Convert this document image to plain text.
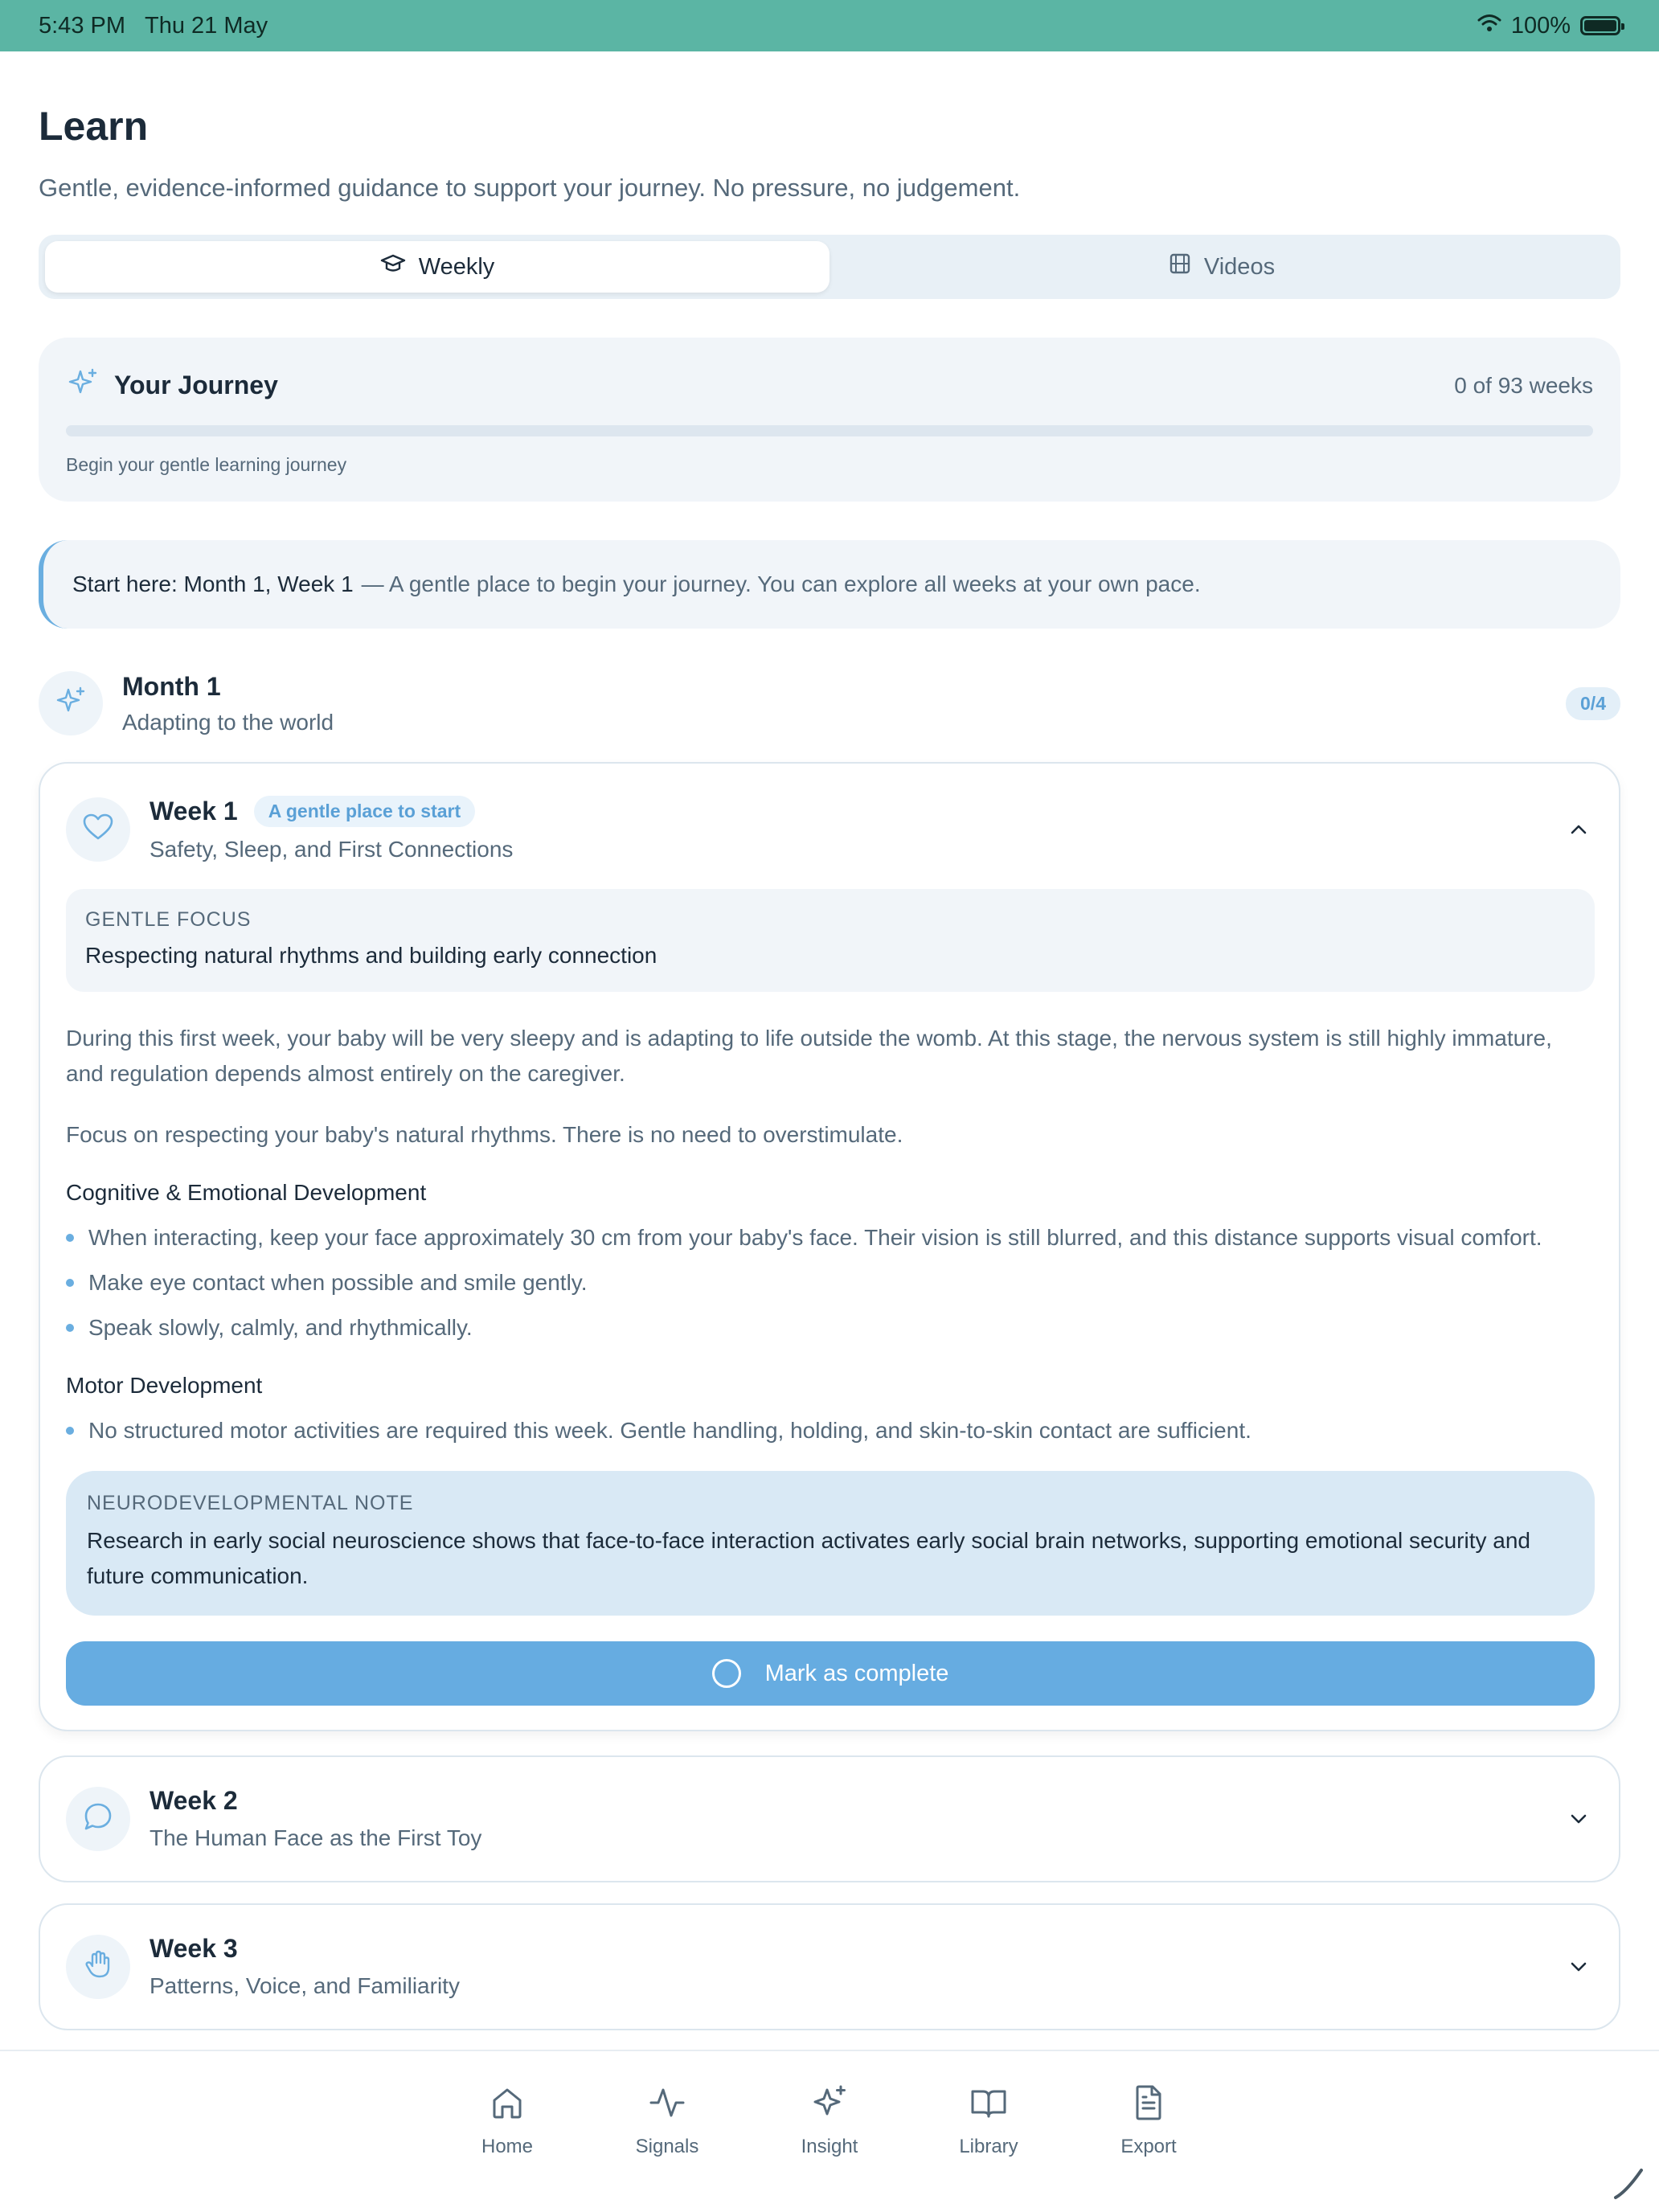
5:43 PM Thu 21 May	100%
Learn

Gentle, evidence-informed guidance to support your journey. No pressure, no judgement.

Weekly	Videos
Your Journey	0 of 93 weeks
Begin your gentle learning journey
Start here: Month 1, Week 1 — A gentle place to begin your journey. You can explore all weeks at your own pace.
Month 1
Adapting to the world
0/4
Week 1	A gentle place to start
Safety, Sleep, and First Connections
GENTLE FOCUS
Respecting natural rhythms and building early connection

During this first week, your baby will be very sleepy and is adapting to life outside the womb. At this stage, the nervous system is still highly immature, and regulation depends almost entirely on the caregiver.

Focus on respecting your baby's natural rhythms. There is no need to overstimulate.

Cognitive & Emotional Development
When interacting, keep your face approximately 30 cm from your baby's face. Their vision is still blurred, and this distance supports visual comfort.
Make eye contact when possible and smile gently.
Speak slowly, calmly, and rhythmically.
Motor Development
No structured motor activities are required this week. Gentle handling, holding, and skin-to-skin contact are sufficient.
NEURODEVELOPMENTAL NOTE
Research in early social neuroscience shows that face-to-face interaction activates early social brain networks, supporting emotional security and future communication.
Mark as complete
Week 2
The Human Face as the First Toy
Week 3
Patterns, Voice, and Familiarity
Home	Signals	Insight	Library	Export
